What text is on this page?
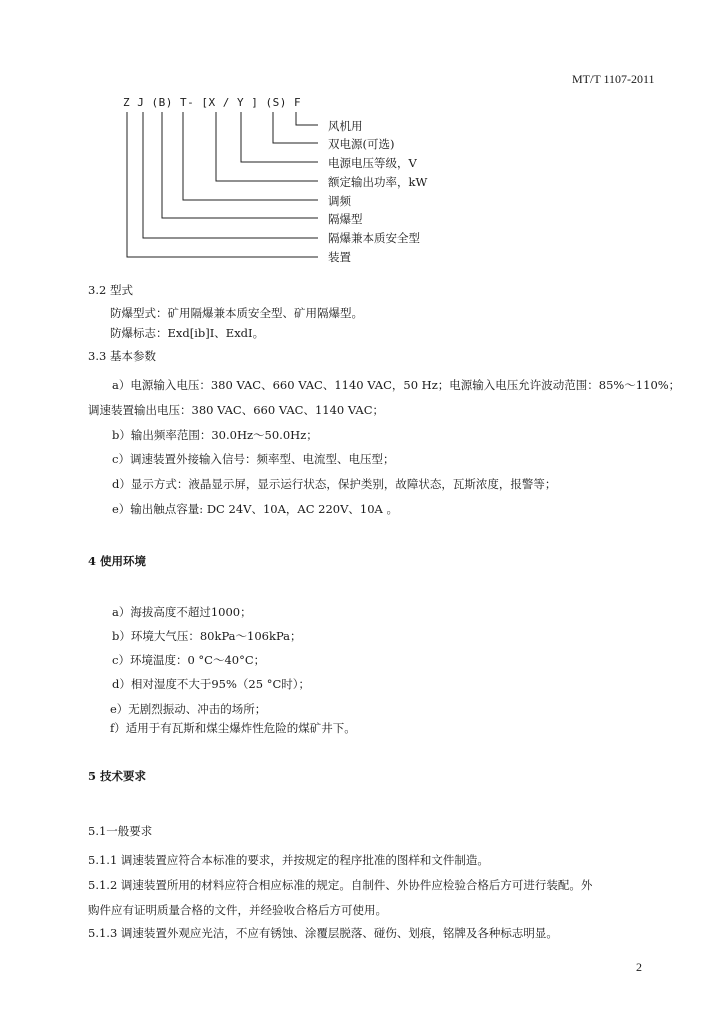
MT/T 1107-2011
Z J (B) T- [X / Y ] (S) F
风机用
双电源(可选)
电源电压等级，V
额定输出功率，kW
调频
隔爆型
隔爆兼本质安全型
装置
3.2 型式
防爆型式：矿用隔爆兼本质安全型、矿用隔爆型。
防爆标志：Exd[ib]I、ExdI。
3.3 基本参数
a）电源输入电压：380 VAC、660 VAC、1140 VAC，50 Hz；电源输入电压允许波动范围：85%～110%；
调速装置输出电压：380 VAC、660 VAC、1140 VAC；
b）输出频率范围：30.0Hz～50.0Hz；
c）调速装置外接输入信号：频率型、电流型、电压型；
d）显示方式：液晶显示屏，显示运行状态，保护类别，故障状态，瓦斯浓度，报警等；
e）输出触点容量: DC 24V、10A，AC 220V、10A 。
4 使用环境
a）海拔高度不超过1000；
b）环境大气压：80kPa～106kPa；
c）环境温度：0 °C～40°C；
d）相对湿度不大于95%（25 °C时）；
e）无剧烈振动、冲击的场所；
f）适用于有瓦斯和煤尘爆炸性危险的煤矿井下。
5 技术要求
5.1一般要求
5.1.1 调速装置应符合本标准的要求，并按规定的程序批准的图样和文件制造。
5.1.2 调速装置所用的材料应符合相应标准的规定。自制件、外协件应检验合格后方可进行装配。外
购件应有证明质量合格的文件，并经验收合格后方可使用。
5.1.3 调速装置外观应光洁，不应有锈蚀、涂覆层脱落、碰伤、划痕，铭牌及各种标志明显。
2
